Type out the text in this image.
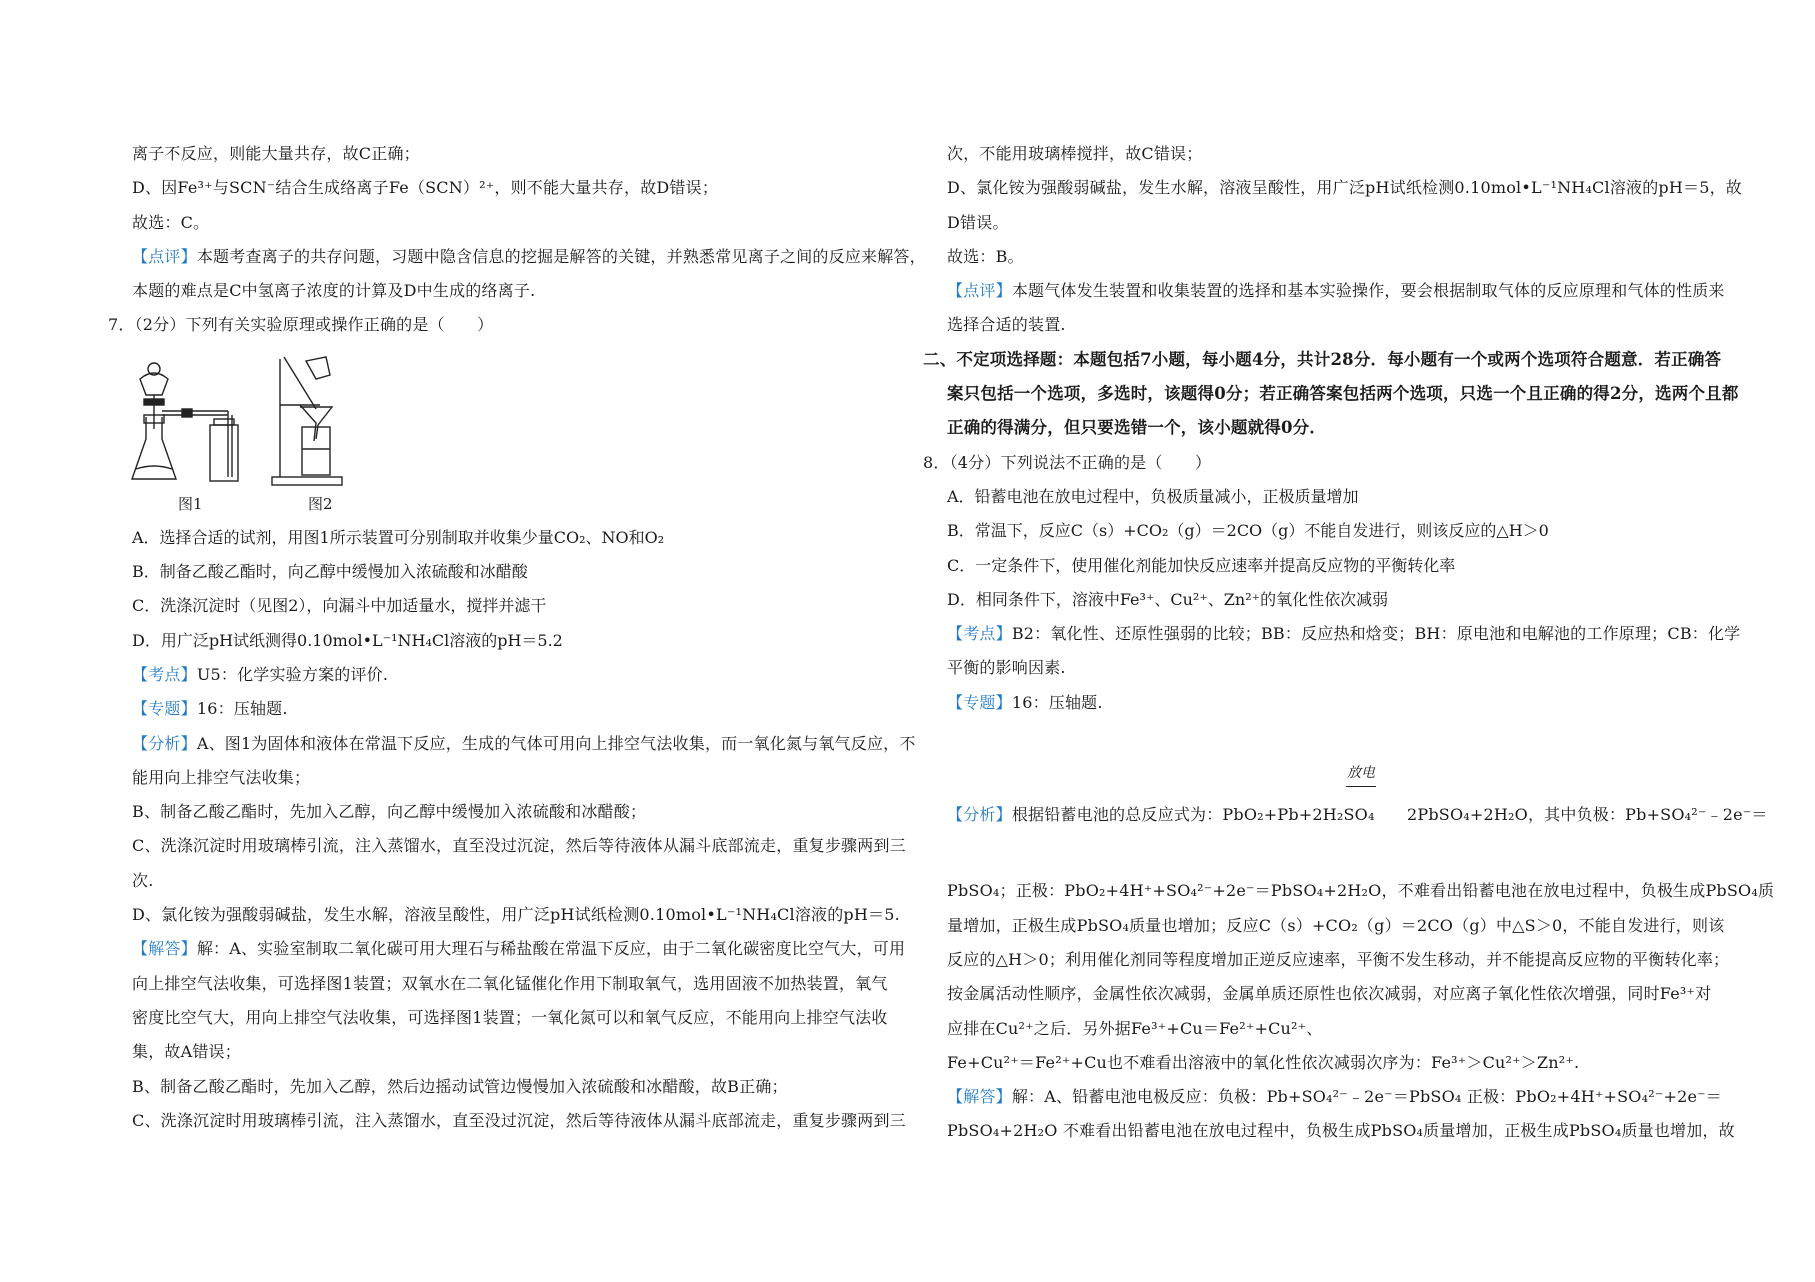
离子不反应，则能大量共存，故C正确；
D、因Fe³⁺与SCN⁻结合生成络离子Fe（SCN）²⁺，则不能大量共存，故D错误；
故选：C。
【点评】本题考查离子的共存问题，习题中隐含信息的挖掘是解答的关键，并熟悉常见离子之间的反应来解答，
本题的难点是C中氢离子浓度的计算及D中生成的络离子.
7．（2分）下列有关实验原理或操作正确的是（　　）
图1	图2
A．选择合适的试剂，用图1所示装置可分别制取并收集少量CO₂、NO和O₂
B．制备乙酸乙酯时，向乙醇中缓慢加入浓硫酸和冰醋酸
C．洗涤沉淀时（见图2），向漏斗中加适量水，搅拌并滤干
D．用广泛pH试纸测得0.10mol•L⁻¹NH₄Cl溶液的pH＝5.2
【考点】U5：化学实验方案的评价.
【专题】16：压轴题.
【分析】A、图1为固体和液体在常温下反应，生成的气体可用向上排空气法收集，而一氧化氮与氧气反应，不
能用向上排空气法收集；
B、制备乙酸乙酯时，先加入乙醇，向乙醇中缓慢加入浓硫酸和冰醋酸；
C、洗涤沉淀时用玻璃棒引流，注入蒸馏水，直至没过沉淀，然后等待液体从漏斗底部流走，重复步骤两到三
次.
D、氯化铵为强酸弱碱盐，发生水解，溶液呈酸性，用广泛pH试纸检测0.10mol•L⁻¹NH₄Cl溶液的pH＝5.
【解答】解：A、实验室制取二氧化碳可用大理石与稀盐酸在常温下反应，由于二氧化碳密度比空气大，可用
向上排空气法收集，可选择图1装置；双氧水在二氧化锰催化作用下制取氧气，选用固液不加热装置，氧气
密度比空气大，用向上排空气法收集，可选择图1装置；一氧化氮可以和氧气反应，不能用向上排空气法收
集，故A错误；
B、制备乙酸乙酯时，先加入乙醇，然后边摇动试管边慢慢加入浓硫酸和冰醋酸，故B正确；
C、洗涤沉淀时用玻璃棒引流，注入蒸馏水，直至没过沉淀，然后等待液体从漏斗底部流走，重复步骤两到三
次，不能用玻璃棒搅拌，故C错误；
D、氯化铵为强酸弱碱盐，发生水解，溶液呈酸性，用广泛pH试纸检测0.10mol•L⁻¹NH₄Cl溶液的pH＝5，故
D错误。
故选：B。
【点评】本题气体发生装置和收集装置的选择和基本实验操作，要会根据制取气体的反应原理和气体的性质来
选择合适的装置.
二、不定项选择题：本题包括7小题，每小题4分，共计28分．每小题有一个或两个选项符合题意．若正确答
案只包括一个选项，多选时，该题得0分；若正确答案包括两个选项，只选一个且正确的得2分，选两个且都
正确的得满分，但只要选错一个，该小题就得0分．
8．（4分）下列说法不正确的是（　　）
A．铅蓄电池在放电过程中，负极质量减小，正极质量增加
B．常温下，反应C（s）+CO₂（g）＝2CO（g）不能自发进行，则该反应的△H＞0
C．一定条件下，使用催化剂能加快反应速率并提高反应物的平衡转化率
D．相同条件下，溶液中Fe³⁺、Cu²⁺、Zn²⁺的氧化性依次减弱
【考点】B2：氧化性、还原性强弱的比较；BB：反应热和焓变；BH：原电池和电解池的工作原理；CB：化学
平衡的影响因素.
【专题】16：压轴题.
放电
【分析】根据铅蓄电池的总反应式为：PbO₂+Pb+2H₂SO₄　　2PbSO₄+2H₂O，其中负极：Pb+SO₄²⁻﹣2e⁻＝
PbSO₄；正极：PbO₂+4H⁺+SO₄²⁻+2e⁻＝PbSO₄+2H₂O，不难看出铅蓄电池在放电过程中，负极生成PbSO₄质
量增加，正极生成PbSO₄质量也增加；反应C（s）+CO₂（g）＝2CO（g）中△S＞0，不能自发进行，则该
反应的△H＞0；利用催化剂同等程度增加正逆反应速率，平衡不发生移动，并不能提高反应物的平衡转化率；
按金属活动性顺序，金属性依次减弱，金属单质还原性也依次减弱，对应离子氧化性依次增强，同时Fe³⁺对
应排在Cu²⁺之后．另外据Fe³⁺+Cu＝Fe²⁺+Cu²⁺、
Fe+Cu²⁺＝Fe²⁺+Cu也不难看出溶液中的氧化性依次减弱次序为：Fe³⁺＞Cu²⁺＞Zn²⁺.
【解答】解：A、铅蓄电池电极反应：负极：Pb+SO₄²⁻﹣2e⁻＝PbSO₄ 正极：PbO₂+4H⁺+SO₄²⁻+2e⁻＝
PbSO₄+2H₂O 不难看出铅蓄电池在放电过程中，负极生成PbSO₄质量增加，正极生成PbSO₄质量也增加，故
